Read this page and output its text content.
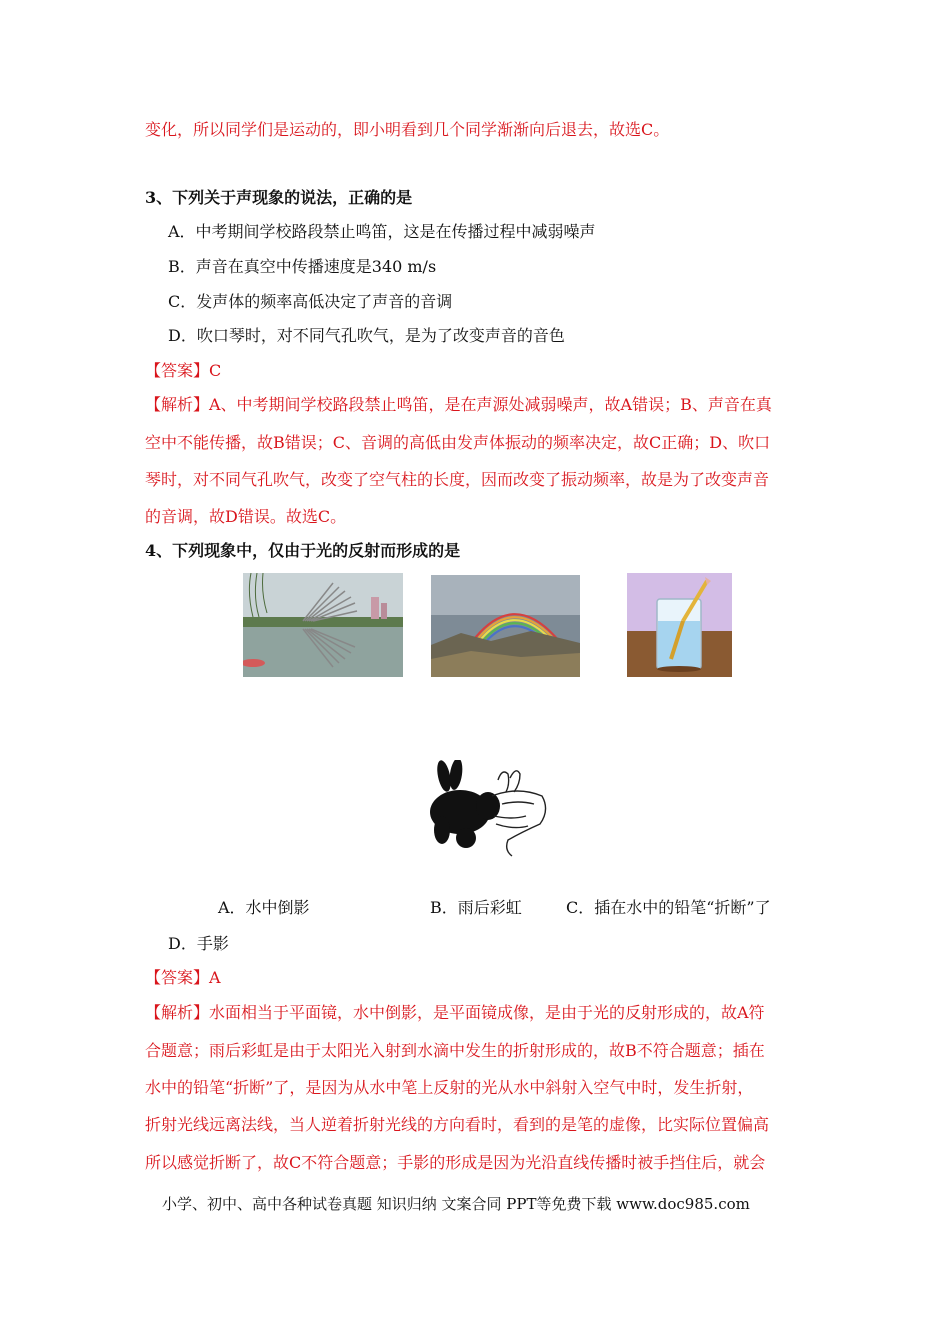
变化，所以同学们是运动的，即小明看到几个同学渐渐向后退去，故选C。
3、下列关于声现象的说法，正确的是
A．中考期间学校路段禁止鸣笛，这是在传播过程中减弱噪声
B．声音在真空中传播速度是340 m/s
C．发声体的频率高低决定了声音的音调
D．吹口琴时，对不同气孔吹气，是为了改变声音的音色
【答案】C
【解析】A、中考期间学校路段禁止鸣笛，是在声源处减弱噪声，故A错误；B、声音在真
空中不能传播，故B错误；C、音调的高低由发声体振动的频率决定，故C正确；D、吹口
琴时，对不同气孔吹气，改变了空气柱的长度，因而改变了振动频率，故是为了改变声音
的音调，故D错误。故选C。
4、下列现象中，仅由于光的反射而形成的是
A．水中倒影	B．雨后彩虹	C．插在水中的铅笔“折断”了
D．手影
【答案】A
【解析】水面相当于平面镜，水中倒影，是平面镜成像，是由于光的反射形成的，故A符
合题意；雨后彩虹是由于太阳光入射到水滴中发生的折射形成的，故B不符合题意；插在
水中的铅笔“折断”了，是因为从水中笔上反射的光从水中斜射入空气中时，发生折射，
折射光线远离法线，当人逆着折射光线的方向看时，看到的是笔的虚像，比实际位置偏高
所以感觉折断了，故C不符合题意；手影的形成是因为光沿直线传播时被手挡住后，就会
小学、初中、高中各种试卷真题 知识归纳 文案合同 PPT等免费下载 www.doc985.com
